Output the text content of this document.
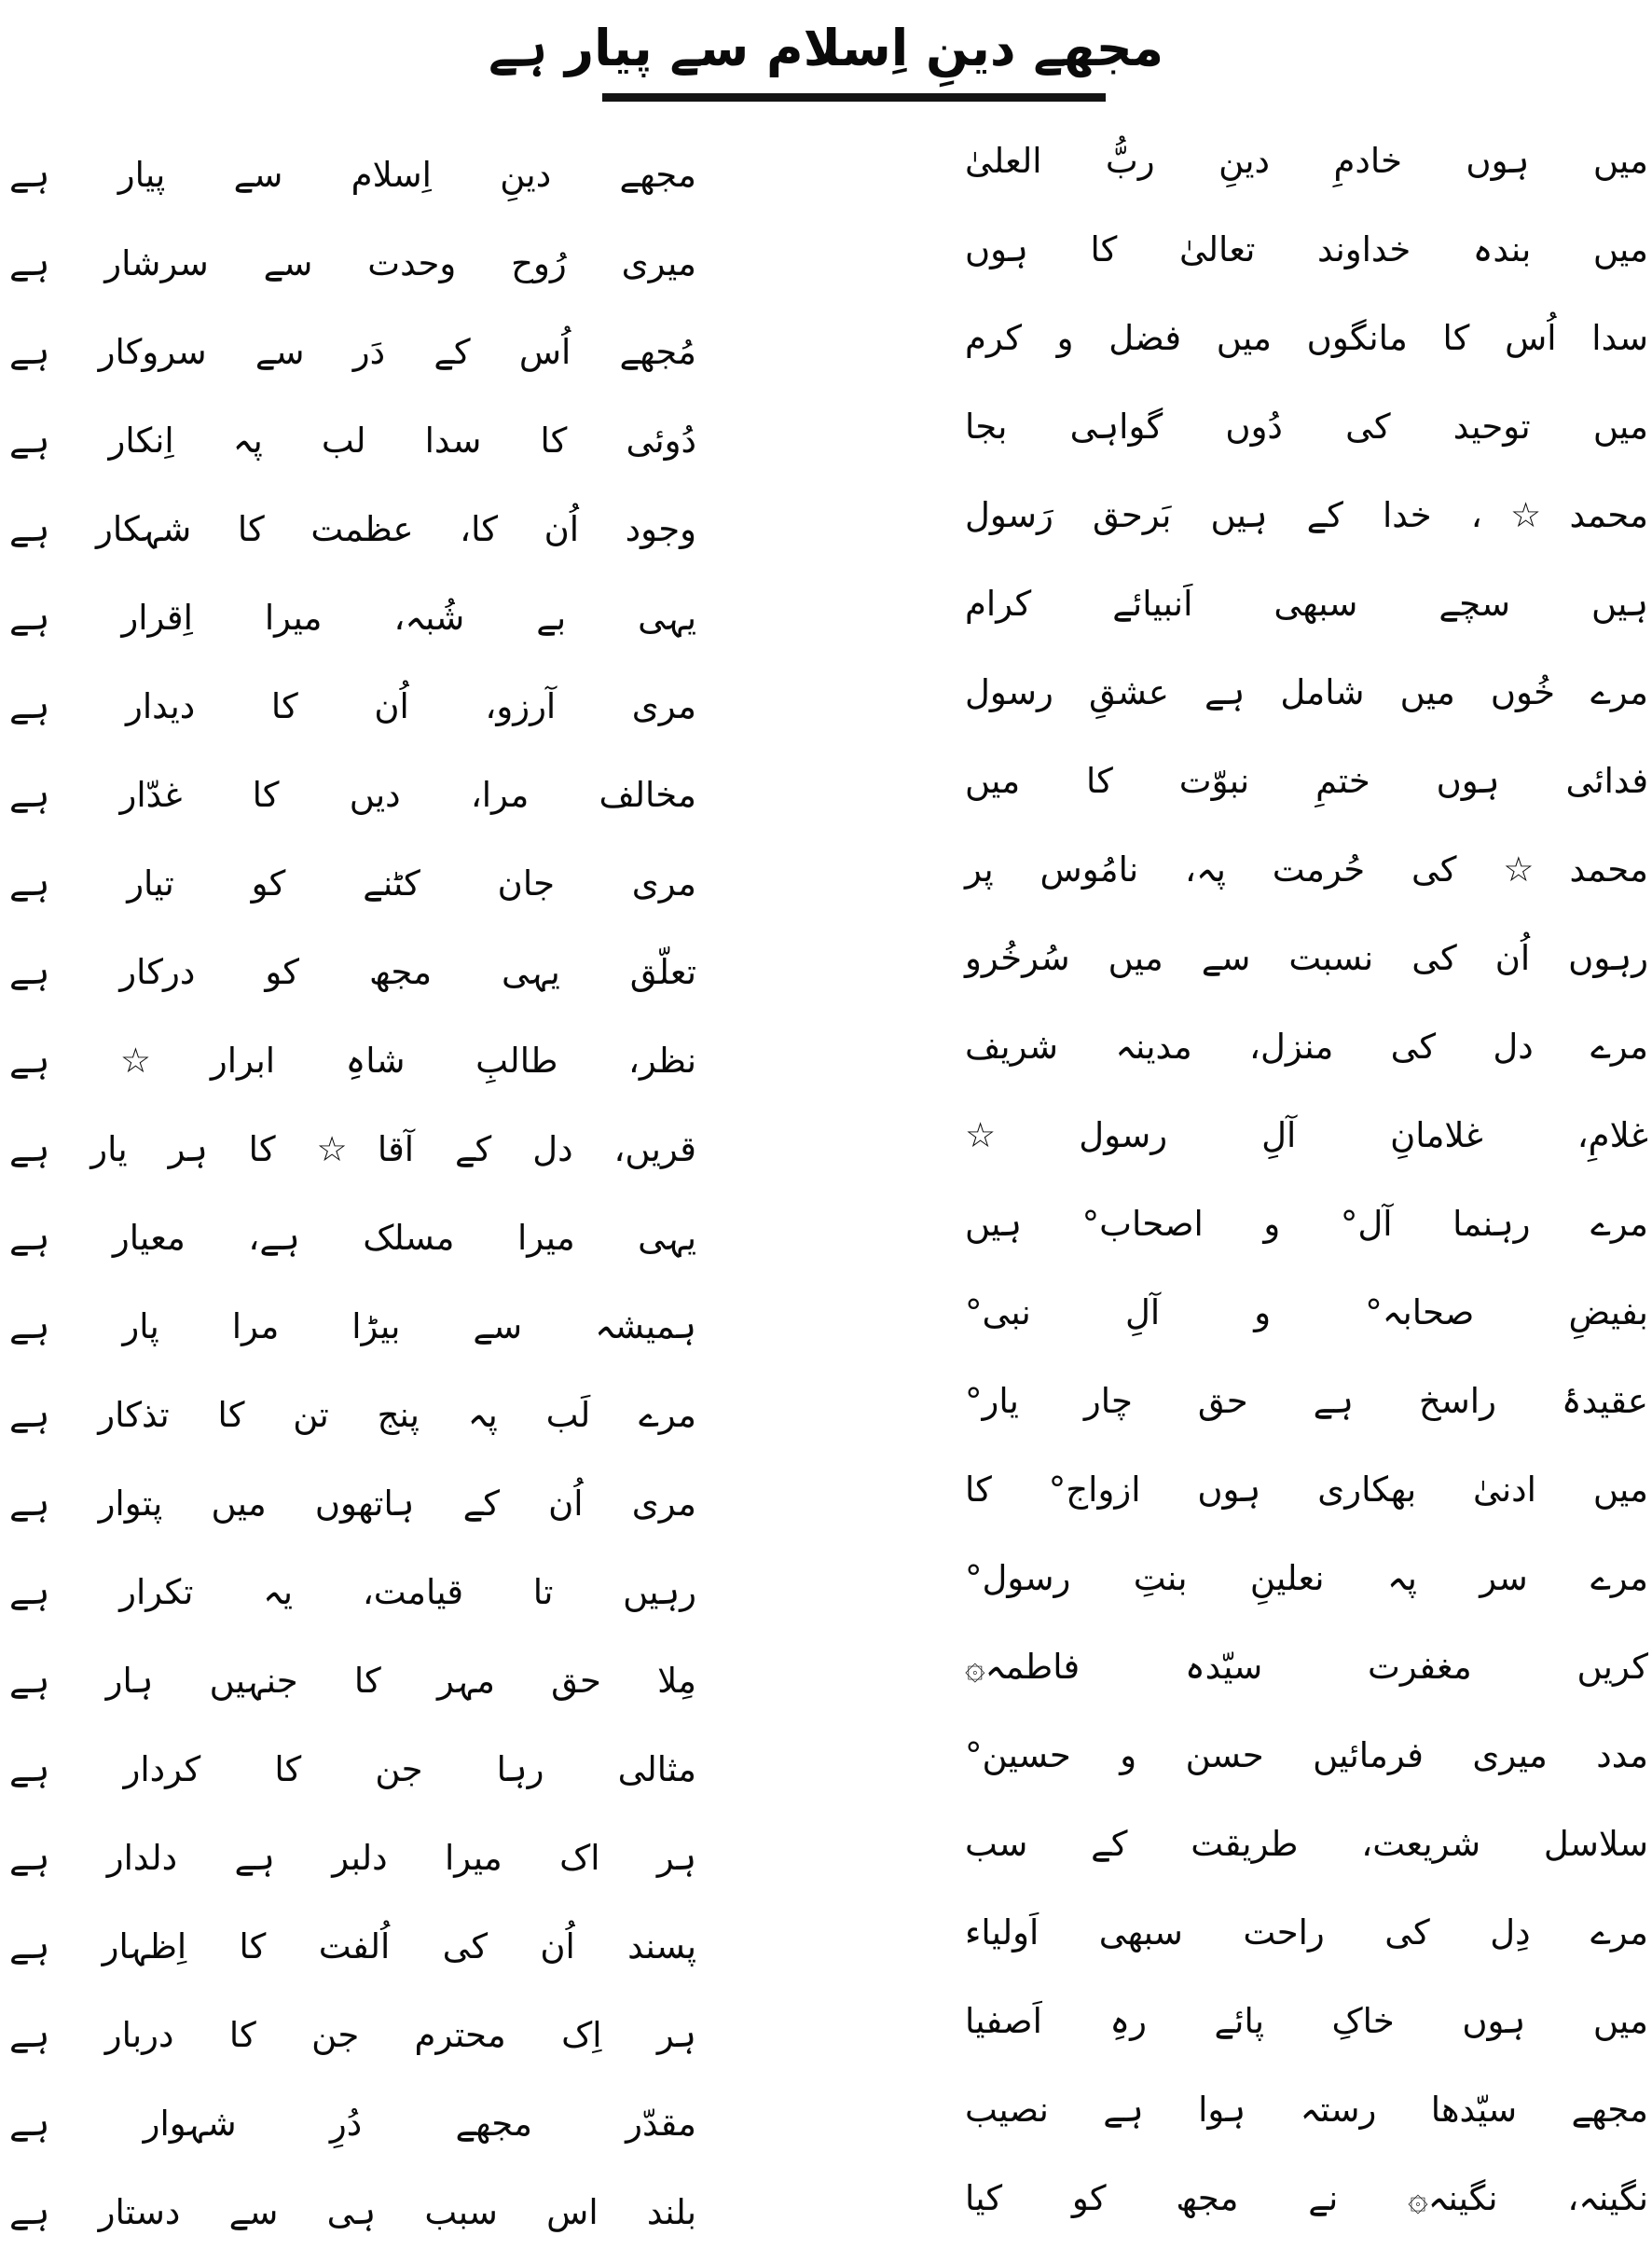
مجھے دینِ اِسلام سے پیار ہے
میں ہوں خادمِ دینِ ربُّ العلیٰ
مجھے دینِ اِسلام سے پیار ہے
میں بندہ خداوند تعالیٰ کا ہوں
میری رُوح وحدت سے سرشار ہے
سدا اُس کا مانگوں میں فضل و کرم
مُجھے اُس کے دَر سے سروکار ہے
میں توحید کی دُوں گواہی بجا
دُوئی کا سدا لب پہ اِنکار ہے
محمد☆، خدا کے ہیں بَرحق رَسول
وجود اُن کا، عظمت کا شہکار ہے
ہیں سچے سبھی اَنبیائے کرام
یہی بے شُبہ، میرا اِقرار ہے
مرے خُوں میں شامل ہے عشقِ رسول
مری آرزو، اُن کا دیدار ہے
فدائی ہوں ختمِ نبوّت کا میں
مخالف مرا، دیں کا غدّار ہے
محمد☆ کی حُرمت پہ، نامُوس پر
مری جان کٹنے کو تیار ہے
رہوں اُن کی نسبت سے میں سُرخُرو
تعلّق یہی مجھ کو درکار ہے
مرے دل کی منزل، مدینہ شریف
نظر، طالبِ شاہِ ابرار☆ ہے
غلامِ، غلامانِ آلِ رسول☆
قریں، دل کے آقا☆ کا ہر یار ہے
مرے رہنما آل° و اصحاب° ہیں
یہی میرا مسلک ہے، معیار ہے
بفیضِ صحابہ° و آلِ نبی°
ہمیشہ سے بیڑا مرا پار ہے
عقیدۂ راسخ ہے حق چار یار°
مرے لَب پہ پنج تن کا تذکار ہے
میں ادنیٰ بھکاری ہوں ازواج° کا
مری اُن کے ہاتھوں میں پتوار ہے
مرے سر پہ نعلینِ بنتِ رسول°
رہیں تا قیامت، یہ تکرار ہے
کریں مغفرت سیّدہ فاطمہ۞
مِلا حق مہر کا جنہیں ہار ہے
مدد میری فرمائیں حسن و حسین°
مثالی رہا جن کا کردار ہے
سلاسل شریعت، طریقت کے سب
ہر اک میرا دلبر ہے دلدار ہے
مرے دِل کی راحت سبھی اَولیاء
پسند اُن کی اُلفت کا اِظہار ہے
میں ہوں خاکِ پائے رہِ اَصفیا
ہر اِک محترم جن کا دربار ہے
مجھے سیّدھا رستہ ہوا ہے نصیب
مقدّر مجھے دُرِ شہوار ہے
نگینہ، نگینہ۞ نے مجھ کو کیا
بلند اس سبب ہی سے دستار ہے
